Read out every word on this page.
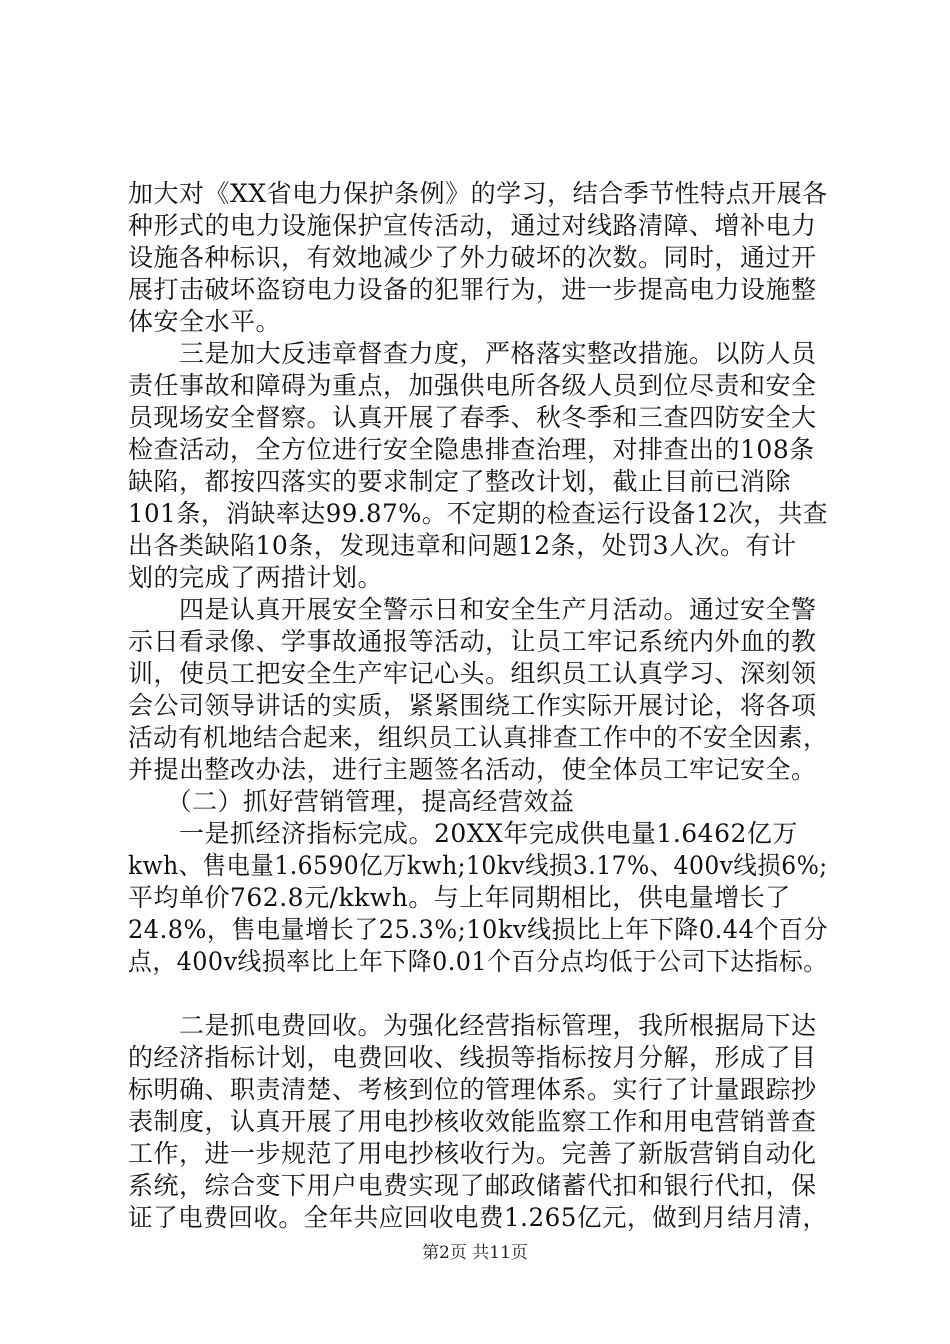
加大对《XX省电力保护条例》的学习，结合季节性特点开展各
种形式的电力设施保护宣传活动，通过对线路清障、增补电力
设施各种标识，有效地减少了外力破坏的次数。同时，通过开
展打击破坏盗窃电力设备的犯罪行为，进一步提高电力设施整
体安全水平。
　　三是加大反违章督查力度，严格落实整改措施。以防人员
责任事故和障碍为重点，加强供电所各级人员到位尽责和安全
员现场安全督察。认真开展了春季、秋冬季和三查四防安全大
检查活动，全方位进行安全隐患排查治理，对排查出的108条
缺陷，都按四落实的要求制定了整改计划，截止目前已消除
101条，消缺率达99.87%。不定期的检查运行设备12次，共查
出各类缺陷10条，发现违章和问题12条，处罚3人次。有计
划的完成了两措计划。
　　四是认真开展安全警示日和安全生产月活动。通过安全警
示日看录像、学事故通报等活动，让员工牢记系统内外血的教
训，使员工把安全生产牢记心头。组织员工认真学习、深刻领
会公司领导讲话的实质，紧紧围绕工作实际开展讨论，将各项
活动有机地结合起来，组织员工认真排查工作中的不安全因素，
并提出整改办法，进行主题签名活动，使全体员工牢记安全。
　　（二）抓好营销管理，提高经营效益
　　一是抓经济指标完成。20XX年完成供电量1.6462亿万
kwh、售电量1.6590亿万kwh;10kv线损3.17%、400v线损6%;
平均单价762.8元/kkwh。与上年同期相比，供电量增长了
24.8%，售电量增长了25.3%;10kv线损比上年下降0.44个百分
点，400v线损率比上年下降0.01个百分点均低于公司下达指标。
　　二是抓电费回收。为强化经营指标管理，我所根据局下达
的经济指标计划，电费回收、线损等指标按月分解，形成了目
标明确、职责清楚、考核到位的管理体系。实行了计量跟踪抄
表制度，认真开展了用电抄核收效能监察工作和用电营销普查
工作，进一步规范了用电抄核收行为。完善了新版营销自动化
系统，综合变下用户电费实现了邮政储蓄代扣和银行代扣，保
证了电费回收。全年共应回收电费1.265亿元，做到月结月清，
第2页 共11页
